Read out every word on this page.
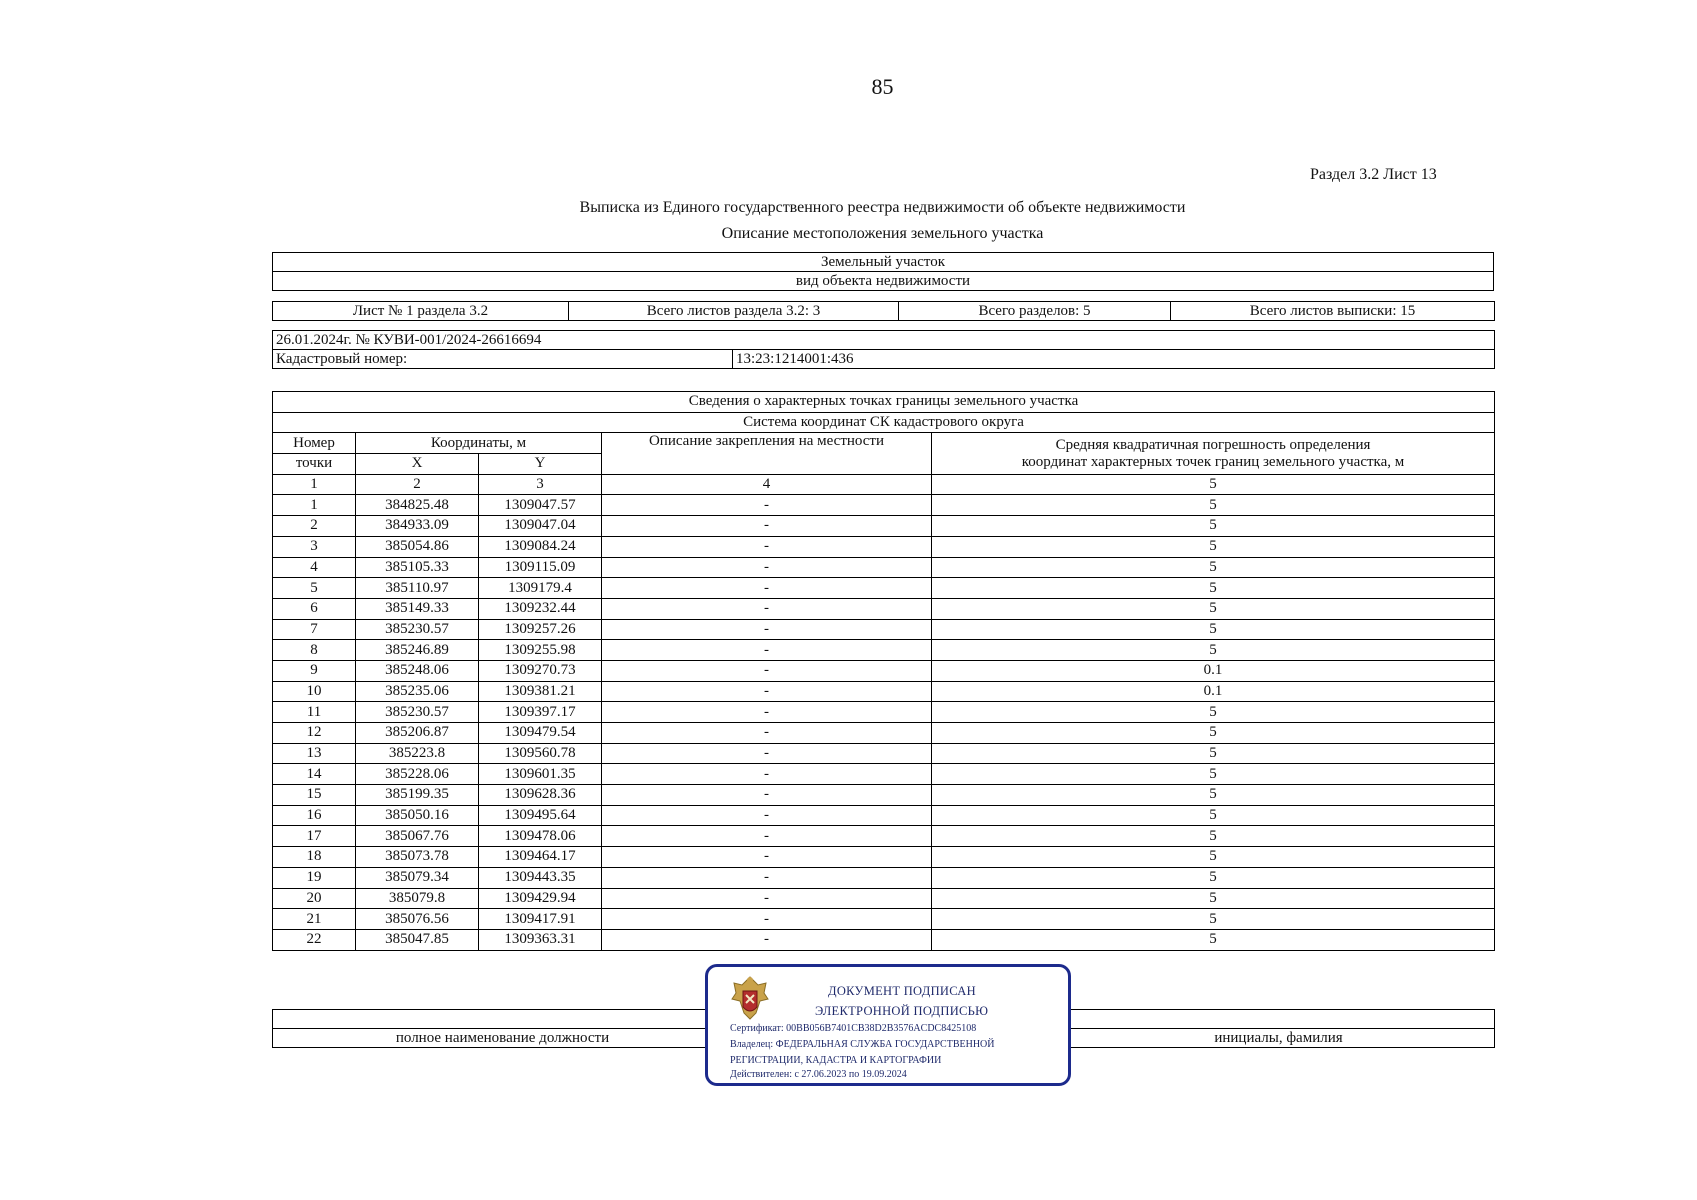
85
Раздел 3.2 Лист 13
Выписка из Единого государственного реестра недвижимости об объекте недвижимости
Описание местоположения земельного участка
Земельный участок
вид объекта недвижимости
Лист № 1 раздела 3.2	Всего листов раздела 3.2: 3	Всего разделов: 5	Всего листов выписки: 15
26.01.2024г. № КУВИ-001/2024-26616694
Кадастровый номер:	13:23:1214001:436
Сведения о характерных точках границы земельного участка				
Система координат СК кадастрового округа				
Номер	Координаты, м		Описание закрепления на местности	Средняя квадратичная погрешность определения
координат характерных точек границ земельного участка, м

точки	X	Y		
1	2	3	4	5
1	384825.48	1309047.57	-	5
2	384933.09	1309047.04	-	5
3	385054.86	1309084.24	-	5
4	385105.33	1309115.09	-	5
5	385110.97	1309179.4	-	5
6	385149.33	1309232.44	-	5
7	385230.57	1309257.26	-	5
8	385246.89	1309255.98	-	5
9	385248.06	1309270.73	-	0.1
10	385235.06	1309381.21	-	0.1
11	385230.57	1309397.17	-	5
12	385206.87	1309479.54	-	5
13	385223.8	1309560.78	-	5
14	385228.06	1309601.35	-	5
15	385199.35	1309628.36	-	5
16	385050.16	1309495.64	-	5
17	385067.76	1309478.06	-	5
18	385073.78	1309464.17	-	5
19	385079.34	1309443.35	-	5
20	385079.8	1309429.94	-	5
21	385076.56	1309417.91	-	5
22	385047.85	1309363.31	-	5

полное наименование должности		инициалы, фамилия
ДОКУМЕНТ ПОДПИСАН
ЭЛЕКТРОННОЙ ПОДПИСЬЮ
Сертификат: 00BB056B7401CB38D2B3576ACDC8425108
Владелец: ФЕДЕРАЛЬНАЯ СЛУЖБА ГОСУДАРСТВЕННОЙ
РЕГИСТРАЦИИ, КАДАСТРА И КАРТОГРАФИИ
Действителен: с 27.06.2023 по 19.09.2024
